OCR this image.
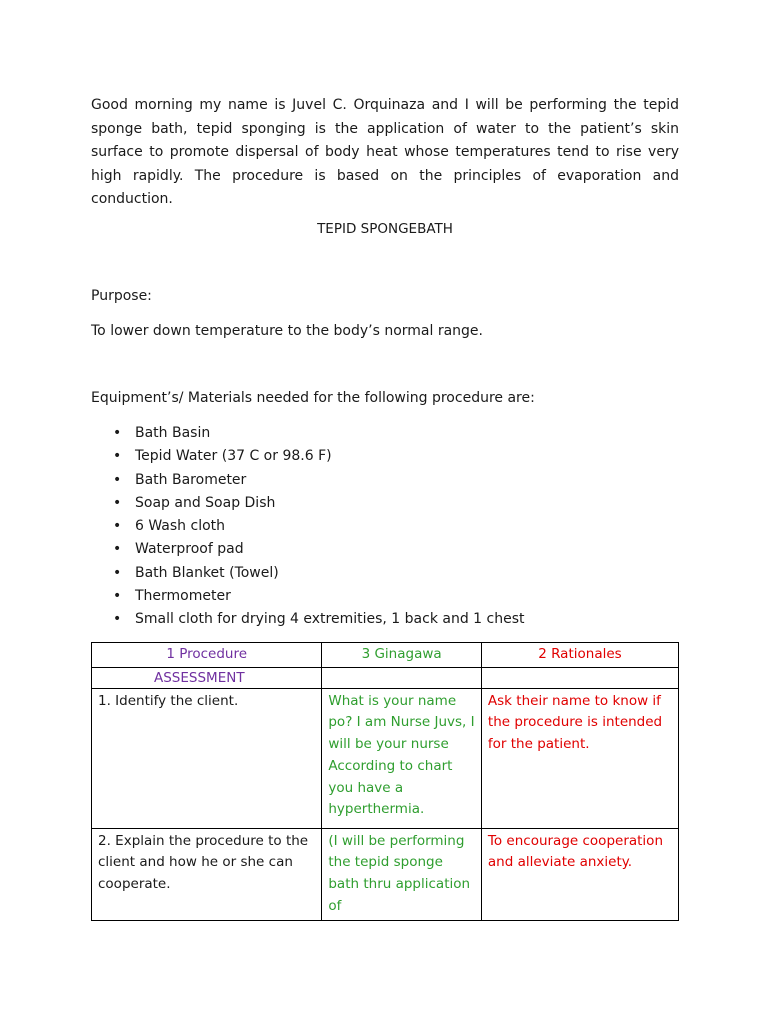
Good morning my name is Juvel C. Orquinaza and I will be performing the tepid sponge bath, tepid sponging is the application of water to the patient’s skin surface to promote dispersal of body heat whose temperatures tend to rise very high rapidly. The procedure is based on the principles of evaporation and conduction.

TEPID SPONGEBATH

Purpose:

To lower down temperature to the body’s normal range.

Equipment’s/ Materials needed for the following procedure are:

• Bath Basin
• Tepid Water (37 C or 98.6 F)
• Bath Barometer
• Soap and Soap Dish
• 6 Wash cloth
• Waterproof pad
• Bath Blanket (Towel)
• Thermometer
• Small cloth for drying 4 extremities, 1 back and 1 chest
1 Procedure	3 Ginagawa	2 Rationales
ASSESSMENT		
1. Identify the client.	What is your name po? I am Nurse Juvs, I will be your nurse According to chart you have a hyperthermia.	Ask their name to know if the procedure is intended for the patient.
2. Explain the procedure to the client and how he or she can cooperate.	(I will be performing the tepid sponge bath thru application of	To encourage cooperation and alleviate anxiety.
